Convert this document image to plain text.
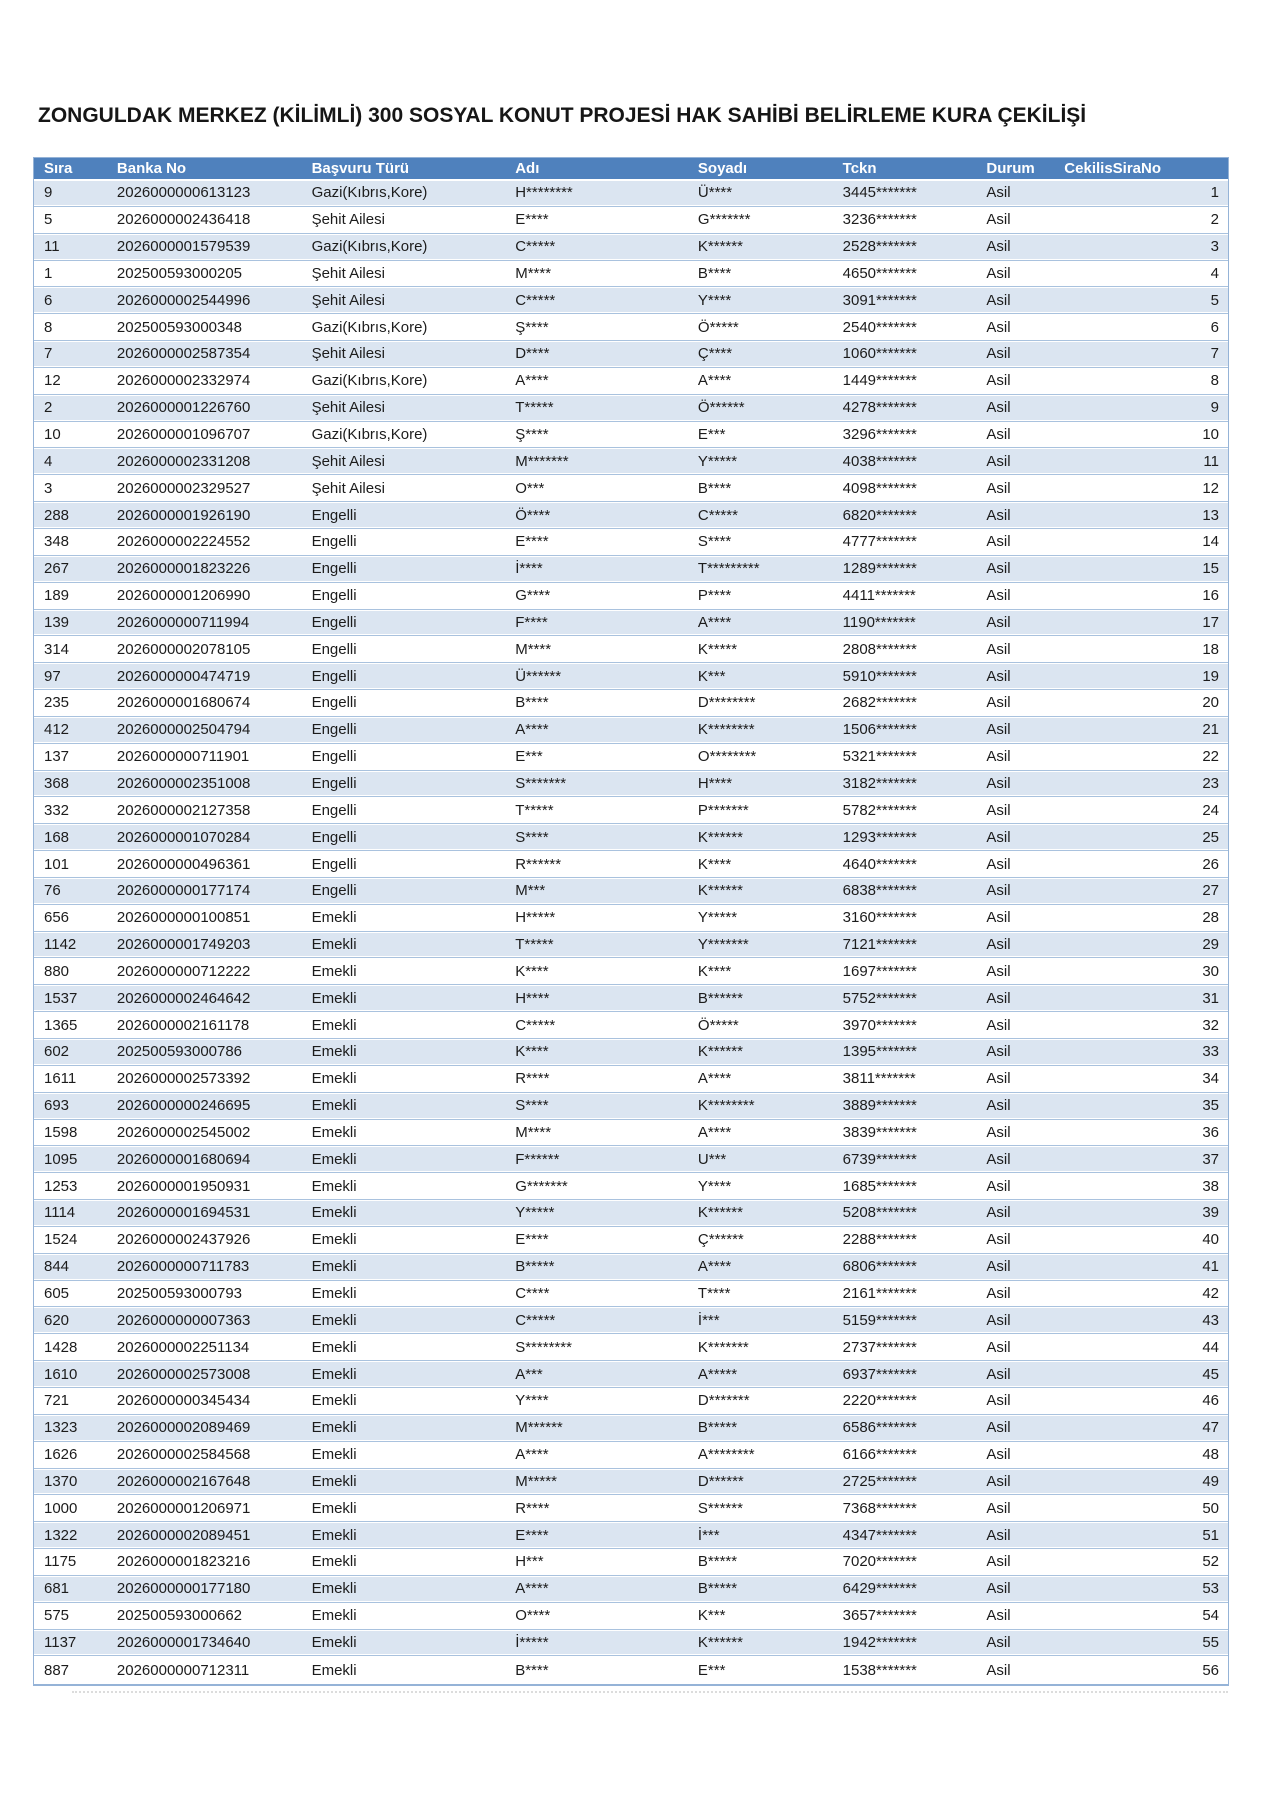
ZONGULDAK MERKEZ (KİLİMLİ) 300 SOSYAL KONUT PROJESİ HAK SAHİBİ BELİRLEME KURA ÇEKİLİŞİ
Sıra	Banka No	Başvuru Türü	Adı	Soyadı	Tckn	Durum	CekilisSiraNo
9	2026000000613123	Gazi(Kıbrıs,Kore)	H********	Ü****	3445*******	Asil	1
5	2026000002436418	Şehit Ailesi	E****	G*******	3236*******	Asil	2
11	2026000001579539	Gazi(Kıbrıs,Kore)	C*****	K******	2528*******	Asil	3
1	202500593000205	Şehit Ailesi	M****	B****	4650*******	Asil	4
6	2026000002544996	Şehit Ailesi	C*****	Y****	3091*******	Asil	5
8	202500593000348	Gazi(Kıbrıs,Kore)	Ş****	Ö*****	2540*******	Asil	6
7	2026000002587354	Şehit Ailesi	D****	Ç****	1060*******	Asil	7
12	2026000002332974	Gazi(Kıbrıs,Kore)	A****	A****	1449*******	Asil	8
2	2026000001226760	Şehit Ailesi	T*****	Ö******	4278*******	Asil	9
10	2026000001096707	Gazi(Kıbrıs,Kore)	Ş****	E***	3296*******	Asil	10
4	2026000002331208	Şehit Ailesi	M*******	Y*****	4038*******	Asil	11
3	2026000002329527	Şehit Ailesi	O***	B****	4098*******	Asil	12
288	2026000001926190	Engelli	Ö****	C*****	6820*******	Asil	13
348	2026000002224552	Engelli	E****	S****	4777*******	Asil	14
267	2026000001823226	Engelli	İ****	T*********	1289*******	Asil	15
189	2026000001206990	Engelli	G****	P****	4411*******	Asil	16
139	2026000000711994	Engelli	F****	A****	1190*******	Asil	17
314	2026000002078105	Engelli	M****	K*****	2808*******	Asil	18
97	2026000000474719	Engelli	Ü******	K***	5910*******	Asil	19
235	2026000001680674	Engelli	B****	D********	2682*******	Asil	20
412	2026000002504794	Engelli	A****	K********	1506*******	Asil	21
137	2026000000711901	Engelli	E***	O********	5321*******	Asil	22
368	2026000002351008	Engelli	S*******	H****	3182*******	Asil	23
332	2026000002127358	Engelli	T*****	P*******	5782*******	Asil	24
168	2026000001070284	Engelli	S****	K******	1293*******	Asil	25
101	2026000000496361	Engelli	R******	K****	4640*******	Asil	26
76	2026000000177174	Engelli	M***	K******	6838*******	Asil	27
656	2026000000100851	Emekli	H*****	Y*****	3160*******	Asil	28
1142	2026000001749203	Emekli	T*****	Y*******	7121*******	Asil	29
880	2026000000712222	Emekli	K****	K****	1697*******	Asil	30
1537	2026000002464642	Emekli	H****	B******	5752*******	Asil	31
1365	2026000002161178	Emekli	C*****	Ö*****	3970*******	Asil	32
602	202500593000786	Emekli	K****	K******	1395*******	Asil	33
1611	2026000002573392	Emekli	R****	A****	3811*******	Asil	34
693	2026000000246695	Emekli	S****	K********	3889*******	Asil	35
1598	2026000002545002	Emekli	M****	A****	3839*******	Asil	36
1095	2026000001680694	Emekli	F******	U***	6739*******	Asil	37
1253	2026000001950931	Emekli	G*******	Y****	1685*******	Asil	38
1114	2026000001694531	Emekli	Y*****	K******	5208*******	Asil	39
1524	2026000002437926	Emekli	E****	Ç******	2288*******	Asil	40
844	2026000000711783	Emekli	B*****	A****	6806*******	Asil	41
605	202500593000793	Emekli	C****	T****	2161*******	Asil	42
620	2026000000007363	Emekli	C*****	İ***	5159*******	Asil	43
1428	2026000002251134	Emekli	S********	K*******	2737*******	Asil	44
1610	2026000002573008	Emekli	A***	A*****	6937*******	Asil	45
721	2026000000345434	Emekli	Y****	D*******	2220*******	Asil	46
1323	2026000002089469	Emekli	M******	B*****	6586*******	Asil	47
1626	2026000002584568	Emekli	A****	A********	6166*******	Asil	48
1370	2026000002167648	Emekli	M*****	D******	2725*******	Asil	49
1000	2026000001206971	Emekli	R****	S******	7368*******	Asil	50
1322	2026000002089451	Emekli	E****	İ***	4347*******	Asil	51
1175	2026000001823216	Emekli	H***	B*****	7020*******	Asil	52
681	2026000000177180	Emekli	A****	B*****	6429*******	Asil	53
575	202500593000662	Emekli	O****	K***	3657*******	Asil	54
1137	2026000001734640	Emekli	İ*****	K******	1942*******	Asil	55
887	2026000000712311	Emekli	B****	E***	1538*******	Asil	56
